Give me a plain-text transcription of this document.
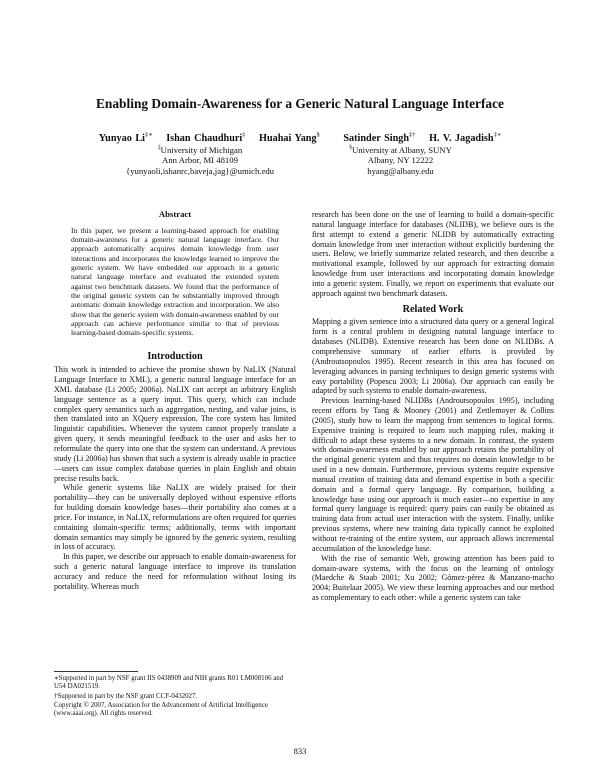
Enabling Domain-Awareness for a Generic Natural Language Interface
Yunyao Li‡∗ Ishan Chaudhuri‡ Huahai Yang§ Satinder Singh‡† H. V. Jagadish‡∗
‡University of Michigan
Ann Arbor, MI 48109
{yunyaoli,ishanrc,baveja,jag}@umich.edu
§University at Albany, SUNY
Albany, NY 12222
hyang@albany.edu
Abstract

In this paper, we present a learning-based approach for enabling domain-awareness for a generic natural language interface. Our approach automatically acquires domain knowledge from user interactions and incorporates the knowledge learned to improve the generic system. We have embedded our approach in a generic natural language interface and evaluated the extended system against two benchmark datasets. We found that the performance of the original generic system can be substantially improved through automatic domain knowledge extraction and incorporation. We also show that the generic system with domain-awareness enabled by our approach can achieve performance similar to that of previous learning-based domain-specific systems.

Introduction

This work is intended to achieve the promise shown by NaLIX (Natural Language Interface to XML), a generic natural language interface for an XML database (Li 2005; 2006a). NaLIX can accept an arbitrary English language sentence as a query input. This query, which can include complex query semantics such as aggregation, nesting, and value joins, is then translated into an XQuery expression. The core system has limited linguistic capabilities. Whenever the system cannot properly translate a given query, it sends meaningful feedback to the user and asks her to reformulate the query into one that the system can understand. A previous study (Li 2006a) has shown that such a system is already usable in practice—users can issue complex database queries in plain English and obtain precise results back.

While generic systems like NaLIX are widely praised for their portability—they can be universally deployed without expensive efforts for building domain knowledge bases—their portability also comes at a price. For instance, in NaLIX, reformulations are often required for queries containing domain-specific terms; additionally, terms with important domain semantics may simply be ignored by the generic system, resulting in loss of accuracy.

In this paper, we describe our approach to enable domain-awareness for such a generic natural language interface to improve its translation accuracy and reduce the need for reformulation without losing its portability. Whereas much

∗Supported in part by NSF grant IIS 0438909 and NIH grants R01 LM008106 and U54 DA021519.

†Supported in part by the NSF grant CCF-0432027.

Copyright © 2007, Association for the Advancement of Artificial Intelligence (www.aaai.org). All rights reserved.

research has been done on the use of learning to build a domain-specific natural language interface for databases (NLIDB), we believe ours is the first attempt to extend a generic NLIDB by automatically extracting domain knowledge from user interaction without explicitly burdening the users. Below, we briefly summarize related research, and then describe a motivational example, followed by our approach for extracting domain knowledge from user interactions and incorporating domain knowledge into a generic system. Finally, we report on experiments that evaluate our approach against two benchmark datasets.

Related Work

Mapping a given sentence into a structured data query or a general logical form is a central problem in designing natural language interface to databases (NLIDB). Extensive research has been done on NLIDBs. A comprehensive summary of earlier efforts is provided by (Androutsopoulos 1995). Recent research in this area has focused on leveraging advances in parsing techniques to design generic systems with easy portability (Popescu 2003; Li 2006a). Our approach can easily be adapted by such systems to enable domain-awareness.

Previous learning-based NLIDBs (Androutsopoulos 1995), including recent efforts by Tang & Mooney (2001) and Zettlemoyer & Collins (2005), study how to learn the mapping from sentences to logical forms. Expensive training is required to learn such mapping rules, making it difficult to adapt these systems to a new domain. In contrast, the system with domain-awareness enabled by our approach retains the portability of the original generic system and thus requires no domain knowledge to be used in a new domain. Furthermore, previous systems require expensive manual creation of training data and demand expertise in both a specific domain and a formal query language. By comparison, building a knowledge base using our approach is much easier—no expertise in any formal query language is required: query pairs can easily be obtained as training data from actual user interaction with the system. Finally, unlike previous systems, where new training data typically cannot be exploited without re-training of the entire system, our approach allows incremental accumulation of the knowledge base.

With the rise of semantic Web, growing attention has been paid to domain-aware systems, with the focus on the learning of ontology (Maedche & Staab 2001; Xu 2002; Gómez-pérez & Manzano-macho 2004; Buitelaar 2005). We view these learning approaches and our method as complementary to each other: while a generic system can take

833
